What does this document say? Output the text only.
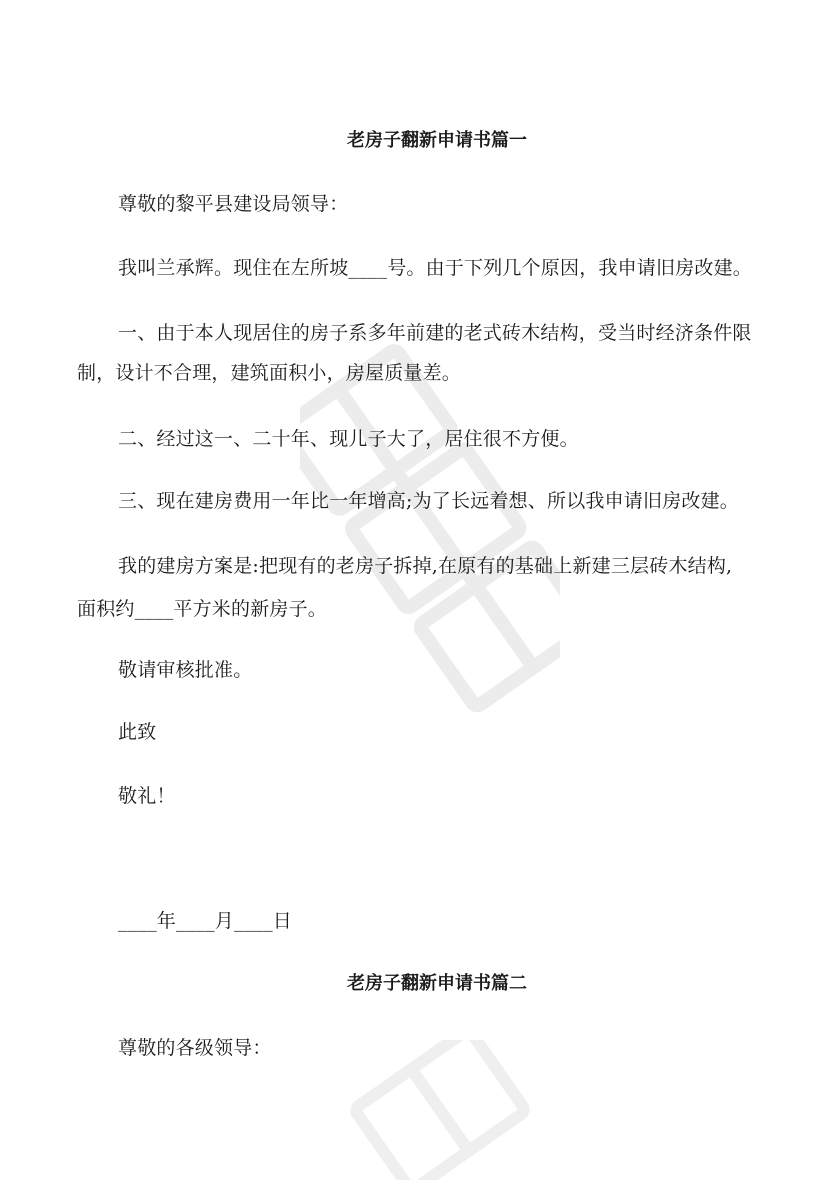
老房子翻新申请书篇一
尊敬的黎平县建设局领导：
我叫兰承辉。现住在左所坡____号。由于下列几个原因，我申请旧房改建。
一、由于本人现居住的房子系多年前建的老式砖木结构，受当时经济条件限
制，设计不合理，建筑面积小，房屋质量差。
二、经过这一、二十年、现儿子大了，居住很不方便。
三、现在建房费用一年比一年增高;为了长远着想、所以我申请旧房改建。
我的建房方案是:把现有的老房子拆掉,在原有的基础上新建三层砖木结构,
面积约____平方米的新房子。
敬请审核批准。
此致
敬礼！
____年____月____日
老房子翻新申请书篇二
尊敬的各级领导：
